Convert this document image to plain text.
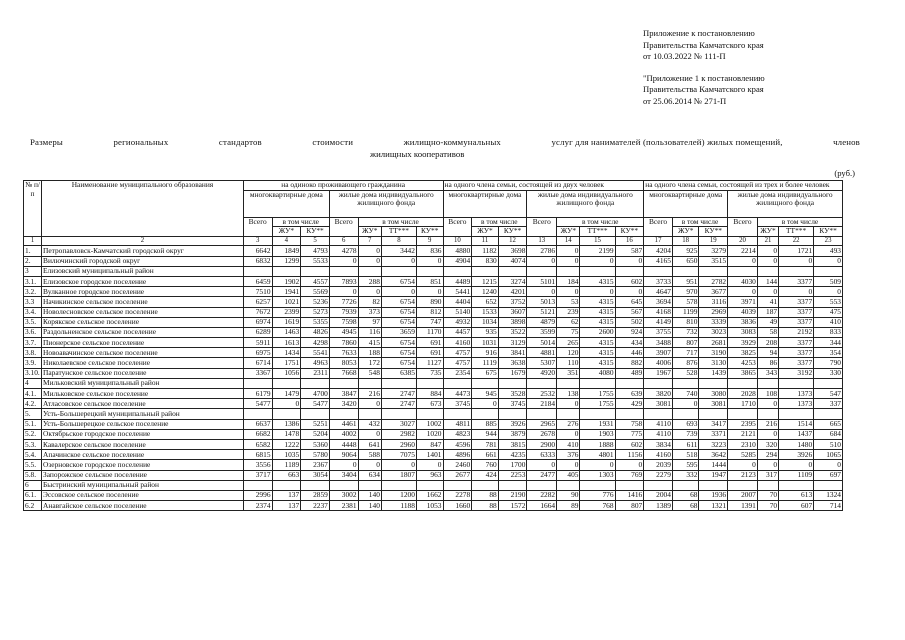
Приложение к постановлению
Правительства Камчатского края
от 10.03.2022 № 111-П
"Приложение 1 к постановлению
Правительства Камчатского края
от 25.06.2014 № 271-П
Размеры	региональных	стандартов	стоимости	жилищно-коммунальных	услуг для нанимателей (пользователей) жилых помещений,	членов
жилищных кооперативов
(руб.)
№ п/п	Наименование муниципального образования	на одиноко проживающего гражданина							на одного члена семьи, состоящей из двух человек							на одного члена семьи, состоящей из трех и более человек						
		многоквартирные дома			жилые дома индивидуального жилищного фонда				многоквартирные дома			жилые дома индивидуального жилищного фонда				многоквартирные дома			жилые дома индивидуального жилищного фонда			
		Всего	в том числе		Всего	в том числе			Всего	в том числе		Всего	в том числе			Всего	в том числе		Всего	в том числе		
			ЖУ*	КУ**		ЖУ*	ТТ***	КУ**		ЖУ*	КУ**		ЖУ*	ТТ***	КУ**		ЖУ*	КУ**		ЖУ*	ТТ***	КУ**
1	2	3	4	5	6	7	8	9	10	11	12	13	14	15	16	17	18	19	20	21	22	23
1.	Петропавловск-Камчатский городской округ	6642	1849	4793	4278	0	3442	836	4880	1182	3698	2786	0	2199	587	4204	925	3279	2214	0	1721	493
2.	Вилючинский городской округ	6832	1299	5533	0	0	0	0	4904	830	4074	0	0	0	0	4165	650	3515	0	0	0	0
3	Елизовский муниципальный район																					
3.1.	Елизовское городское поселение	6459	1902	4557	7893	288	6754	851	4489	1215	3274	5101	184	4315	602	3733	951	2782	4030	144	3377	509
3.2.	Вулканное городское поселение	7510	1941	5569	0	0	0	0	5441	1240	4201	0	0	0	0	4647	970	3677	0	0	0	0
3.3	Начикинское сельское поселение	6257	1021	5236	7726	82	6754	890	4404	652	3752	5013	53	4315	645	3694	578	3116	3971	41	3377	553
3.4.	Новолесновское сельское поселение	7672	2399	5273	7939	373	6754	812	5140	1533	3607	5121	239	4315	567	4168	1199	2969	4039	187	3377	475
3.5.	Корякское сельское поселение	6974	1619	5355	7598	97	6754	747	4932	1034	3898	4879	62	4315	502	4149	810	3339	3836	49	3377	410
3.6.	Раздольненское сельское поселение	6289	1463	4826	4945	116	3659	1170	4457	935	3522	3599	75	2600	924	3755	732	3023	3083	58	2192	833
3.7.	Пионерское сельское поселение	5911	1613	4298	7860	415	6754	691	4160	1031	3129	5014	265	4315	434	3488	807	2681	3929	208	3377	344
3.8.	Новоавачинское сельское поселение	6975	1434	5541	7633	188	6754	691	4757	916	3841	4881	120	4315	446	3907	717	3190	3825	94	3377	354
3.9.	Николаевское сельское поселение	6714	1751	4963	8053	172	6754	1127	4757	1119	3638	5307	110	4315	882	4006	876	3130	4253	86	3377	790
3.10.	Паратунское сельское поселение	3367	1056	2311	7668	548	6385	735	2354	675	1679	4920	351	4080	489	1967	528	1439	3865	343	3192	330
4	Мильковский муниципальный район																					
4.1.	Мильковское сельское поселение	6179	1479	4700	3847	216	2747	884	4473	945	3528	2532	138	1755	639	3820	740	3080	2028	108	1373	547
4.2.	Атласовское сельское поселение	5477	0	5477	3420	0	2747	673	3745	0	3745	2184	0	1755	429	3081	0	3081	1710	0	1373	337
5.	Усть-Большерецкий муниципальный район																					
5.1.	Усть-Большерецкое сельское поселение	6637	1386	5251	4461	432	3027	1002	4811	885	3926	2965	276	1931	758	4110	693	3417	2395	216	1514	665
5.2.	Октябрьское городское поселение	6682	1478	5204	4002	0	2982	1020	4823	944	3879	2678	0	1903	775	4110	739	3371	2121	0	1437	684
5.3.	Кавалерское сельское поселение	6582	1222	5360	4448	641	2960	847	4596	781	3815	2900	410	1888	602	3834	611	3223	2310	320	1480	510
5.4.	Апачинское сельское поселение	6815	1035	5780	9064	588	7075	1401	4896	661	4235	6333	376	4801	1156	4160	518	3642	5285	294	3926	1065
5.5.	Озерновское городское поселение	3556	1189	2367	0	0	0	0	2460	760	1700	0	0	0	0	2039	595	1444	0	0	0	0
5.8.	Запорожское сельское поселение	3717	663	3054	3404	634	1807	963	2677	424	2253	2477	405	1303	769	2279	332	1947	2123	317	1109	697
6	Быстринский муниципальный район																					
6.1.	Эссовское сельское поселение	2996	137	2859	3002	140	1200	1662	2278	88	2190	2282	90	776	1416	2004	68	1936	2007	70	613	1324
6.2	Анавгайское сельское поселение	2374	137	2237	2381	140	1188	1053	1660	88	1572	1664	89	768	807	1389	68	1321	1391	70	607	714
